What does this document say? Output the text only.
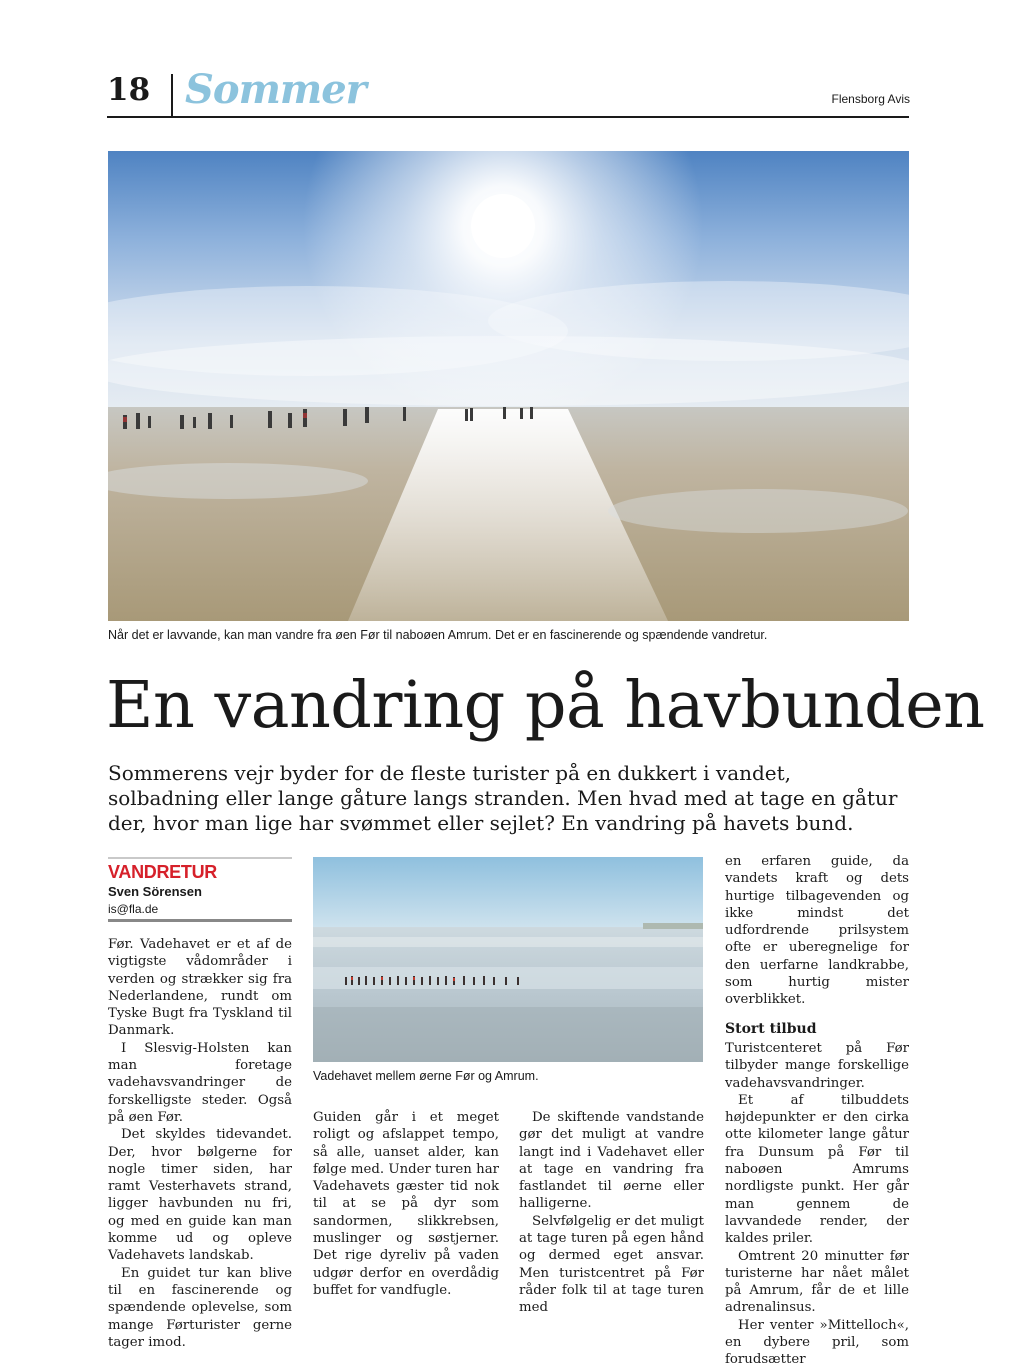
18 Sommer	Flensborg Avis
Når det er lavvande, kan man vandre fra øen Før til naboøen Amrum. Det er en fascinerende og spændende vandretur.
En vandring på havbunden
Sommerens vejr byder for de fleste turister på en dukkert i vandet, solbadning eller lange gåture langs stranden. Men hvad med at tage en gåtur der, hvor man lige har svømmet eller sejlet? En vandring på havets bund.
VANDRETUR
Sven Sörensen
is@fla.de

Før. Vadehavet er et af de vigtigste vådområder i verden og strækker sig fra Nederlandene, rundt om Tyske Bugt fra Tyskland til Danmark.

I Slesvig-Holsten kan man foretage vadehavsvandringer de forskelligste steder. Også på øen Før.

Det skyldes tidevandet. Der, hvor bølgerne for nogle timer siden, har ramt Vesterhavets strand, ligger havbunden nu fri, og med en guide kan man komme ud og opleve Vadehavets landskab.

En guidet tur kan blive til en fascinerende og spændende oplevelse, som mange Førturister gerne tager imod.

Vadehavet mellem øerne Før og Amrum.

Guiden går i et meget roligt og afslappet tempo, så alle, uanset alder, kan følge med. Under turen har Vadehavets gæster tid nok til at se på dyr som sandormen, slikkrebsen, muslinger og søstjerner. Det rige dyreliv på vaden udgør derfor en overdådig buffet for vandfugle.

De skiftende vandstande gør det muligt at vandre langt ind i Vadehavet eller at tage en vandring fra fastlandet til øerne eller halligerne.

Selvfølgelig er det muligt at tage turen på egen hånd og dermed eget ansvar. Men turistcentret på Før råder folk til at tage turen med

en erfaren guide, da vandets kraft og dets hurtige tilbagevenden og ikke mindst det udfordrende prilsystem ofte er uberegnelige for den uerfarne landkrabbe, som hurtig mister overblikket.

Stort tilbud

Turistcenteret på Før tilbyder mange forskellige vadehavsvandringer.

Et af tilbuddets højdepunkter er den cirka otte kilometer lange gåtur fra Dunsum på Før til naboøen Amrums nordligste punkt. Her går man gennem de lavvandede render, der kaldes priler.

Omtrent 20 minutter før turisterne har nået målet på Amrum, får de et lille adrenalinsus.

Her venter »Mittelloch«, en dybere pril, som forudsætter
